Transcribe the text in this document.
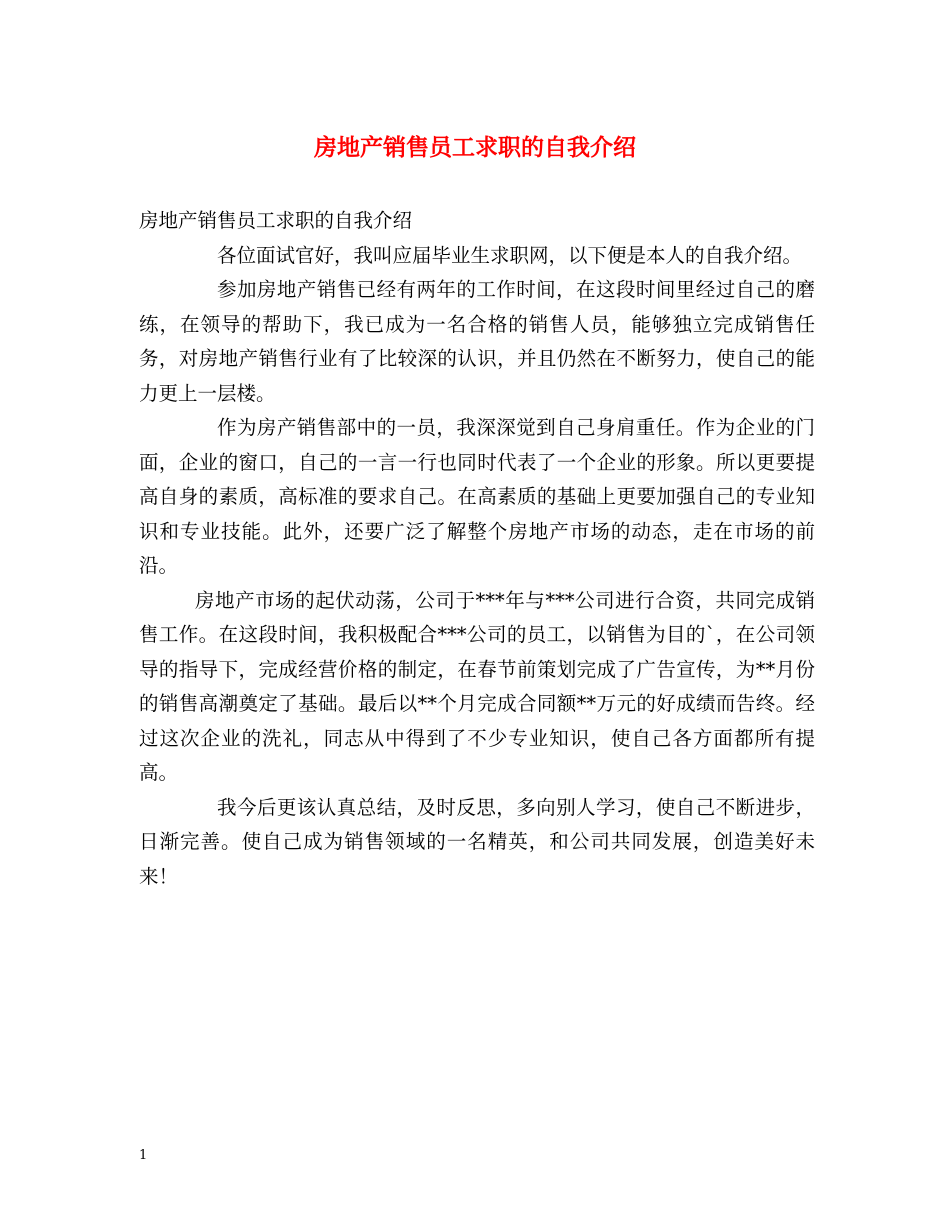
房地产销售员工求职的自我介绍

房地产销售员工求职的自我介绍

各位面试官好，我叫应届毕业生求职网，以下便是本人的自我介绍。

参加房地产销售已经有两年的工作时间，在这段时间里经过自己的磨练，在领导的帮助下，我已成为一名合格的销售人员，能够独立完成销售任务，对房地产销售行业有了比较深的认识，并且仍然在不断努力，使自己的能力更上一层楼。

作为房产销售部中的一员，我深深觉到自己身肩重任。作为企业的门面，企业的窗口，自己的一言一行也同时代表了一个企业的形象。所以更要提高自身的素质，高标准的要求自己。在高素质的基础上更要加强自己的专业知识和专业技能。此外，还要广泛了解整个房地产市场的动态，走在市场的前沿。

房地产市场的起伏动荡，公司于***年与***公司进行合资，共同完成销售工作。在这段时间，我积极配合***公司的员工，以销售为目的`，在公司领导的指导下，完成经营价格的制定，在春节前策划完成了广告宣传，为**月份的销售高潮奠定了基础。最后以**个月完成合同额**万元的好成绩而告终。经过这次企业的洗礼，同志从中得到了不少专业知识，使自己各方面都所有提高。

我今后更该认真总结，及时反思，多向别人学习，使自己不断进步，日渐完善。使自己成为销售领域的一名精英，和公司共同发展，创造美好未来！

1
